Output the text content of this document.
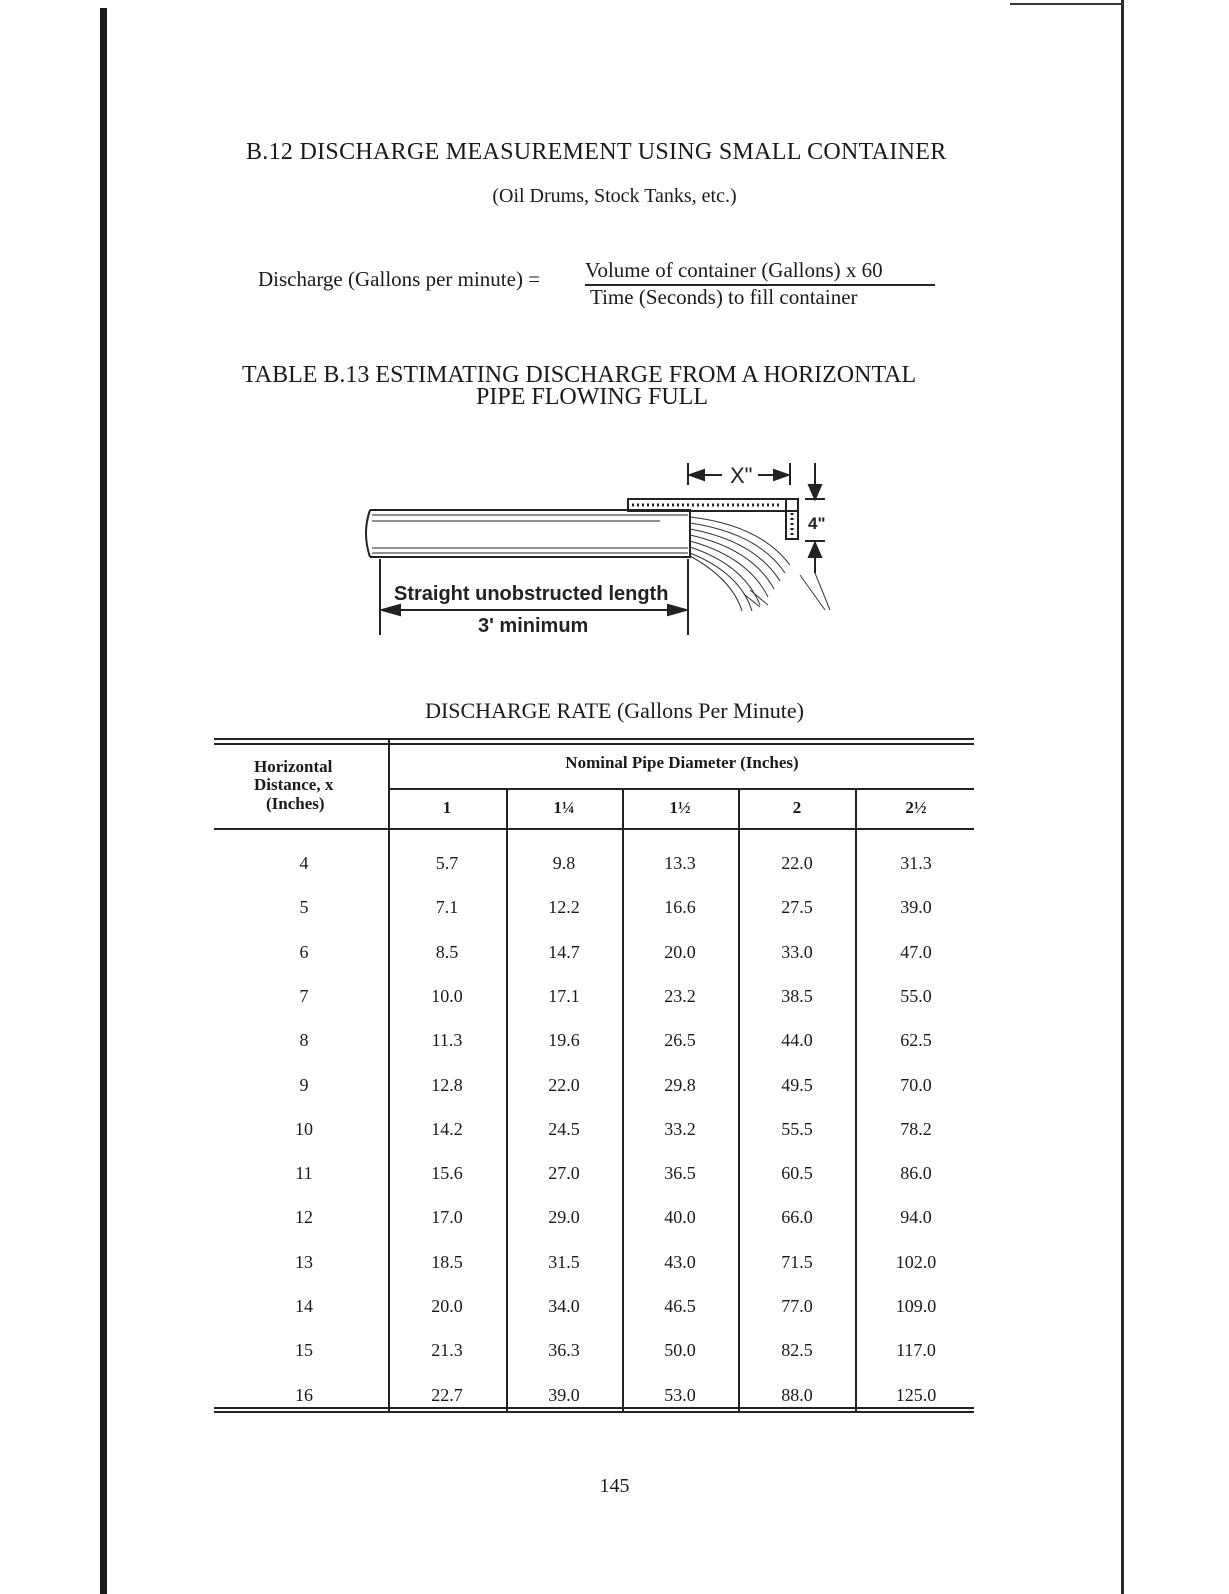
B.12 DISCHARGE MEASUREMENT USING SMALL CONTAINER
(Oil Drums, Stock Tanks, etc.)
Discharge (Gallons per minute) = Volume of container (Gallons) x 60
Time (Seconds) to fill container
TABLE B.13 ESTIMATING DISCHARGE FROM A HORIZONTAL
PIPE FLOWING FULL
X"
4"
Straight unobstructed length
3' minimum
DISCHARGE RATE (Gallons Per Minute)
Horizontal
Distance, x
(Inches)
Nominal Pipe Diameter (Inches)
1	1¼	1½	2	2½
4	5.7	9.8	13.3	22.0	31.3
5	7.1	12.2	16.6	27.5	39.0
6	8.5	14.7	20.0	33.0	47.0
7	10.0	17.1	23.2	38.5	55.0
8	11.3	19.6	26.5	44.0	62.5
9	12.8	22.0	29.8	49.5	70.0
10	14.2	24.5	33.2	55.5	78.2
11	15.6	27.0	36.5	60.5	86.0
12	17.0	29.0	40.0	66.0	94.0
13	18.5	31.5	43.0	71.5	102.0
14	20.0	34.0	46.5	77.0	109.0
15	21.3	36.3	50.0	82.5	117.0
16	22.7	39.0	53.0	88.0	125.0
145
